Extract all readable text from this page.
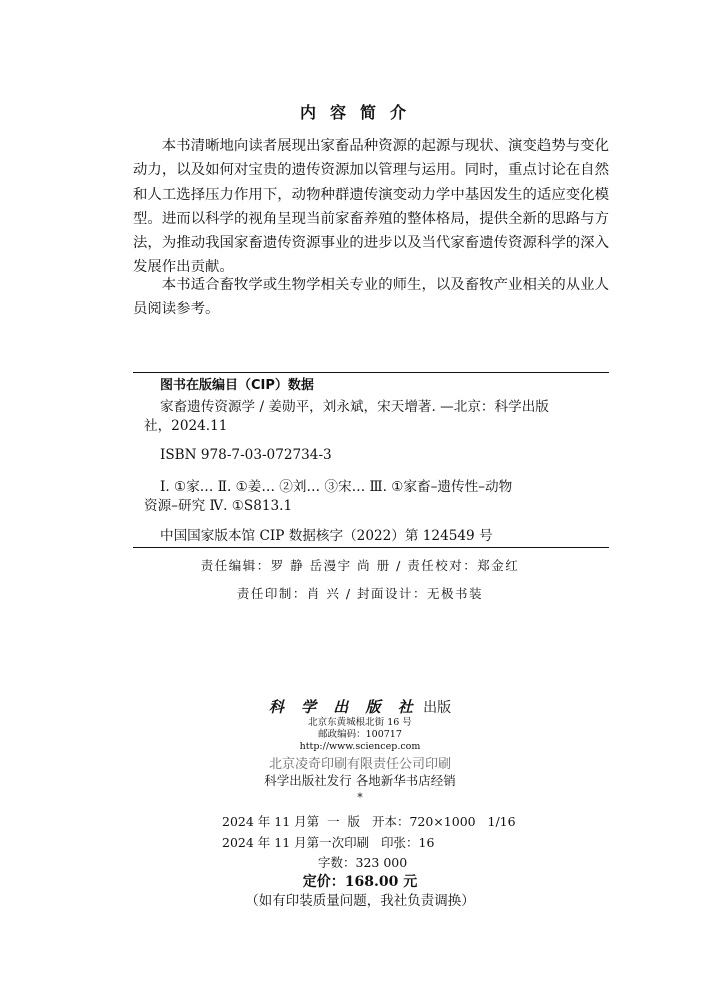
内容简介

本书清晰地向读者展现出家畜品种资源的起源与现状、演变趋势与变化动力，以及如何对宝贵的遗传资源加以管理与运用。同时，重点讨论在自然和人工选择压力作用下，动物种群遗传演变动力学中基因发生的适应变化模型。进而以科学的视角呈现当前家畜养殖的整体格局，提供全新的思路与方法，为推动我国家畜遗传资源事业的进步以及当代家畜遗传资源科学的深入发展作出贡献。

本书适合畜牧学或生物学相关专业的师生，以及畜牧产业相关的从业人员阅读参考。

图书在版编目（CIP）数据
家畜遗传资源学 / 姜勋平，刘永斌，宋天增著. —北京：科学出版
社，2024.11
ISBN 978-7-03-072734-3
Ⅰ. ①家… Ⅱ. ①姜… ②刘… ③宋… Ⅲ. ①家畜–遗传性–动物
资源–研究 Ⅳ. ①S813.1
中国国家版本馆 CIP 数据核字（2022）第 124549 号
责任编辑：罗 静 岳漫宇 尚 册 / 责任校对：郑金红
责任印制：肖 兴 / 封面设计：无极书装
科 学 出 版 社 出版
北京东黄城根北街 16 号
邮政编码：100717
http://www.sciencep.com
北京凌奇印刷有限责任公司印刷
科学出版社发行 各地新华书店经销
*
2024 年 11 月第  一  版   开本：720×1000   1/16
2024 年 11 月第一次印刷   印张：16
字数：323 000
定价：168.00 元
（如有印装质量问题，我社负责调换）
